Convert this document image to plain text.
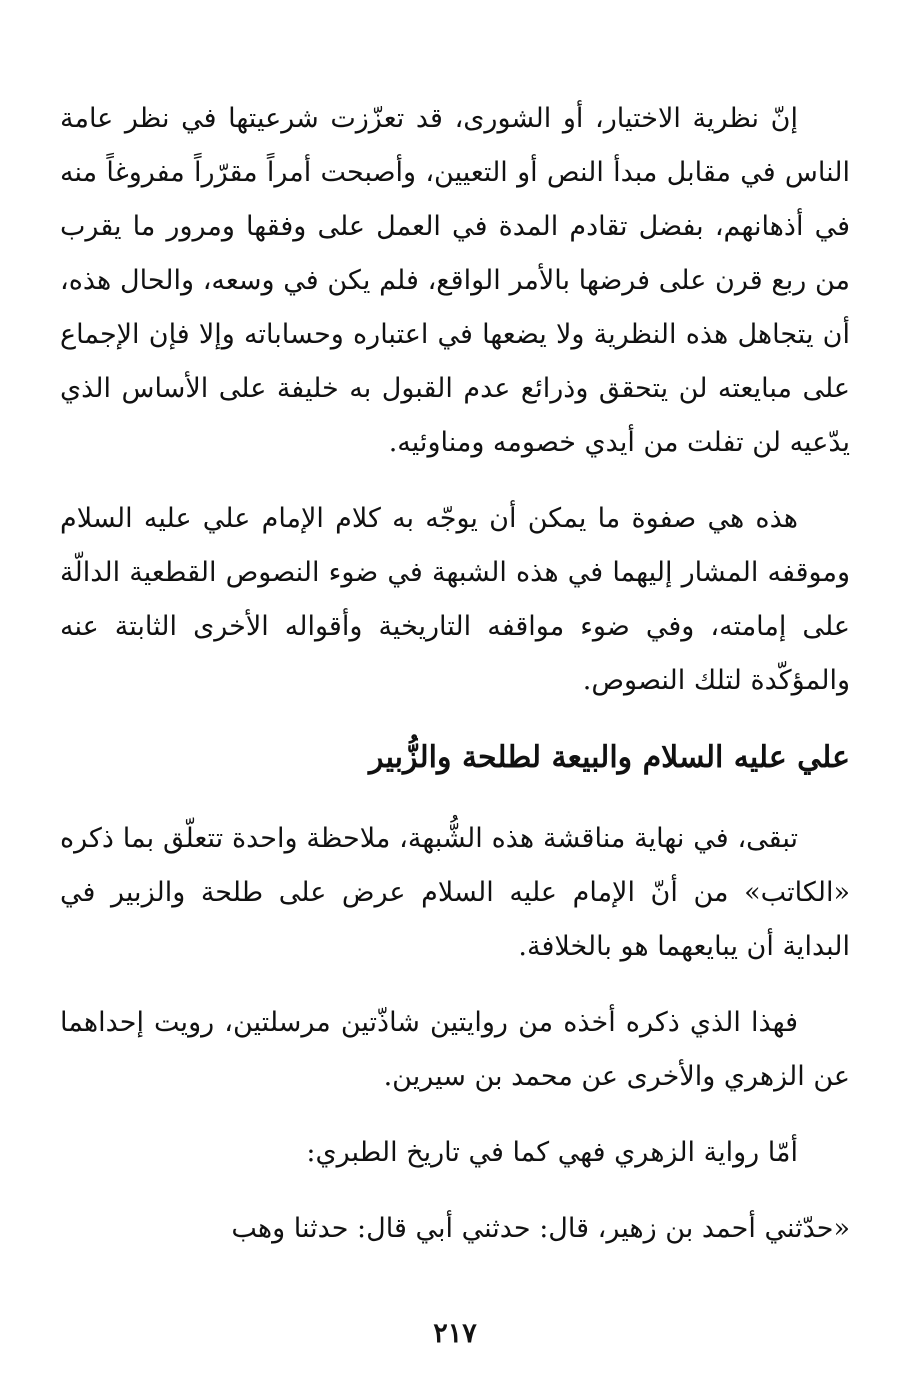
إنّ نظرية الاختيار، أو الشورى، قد تعزّزت شرعيتها في نظر عامة الناس في مقابل مبدأ النص أو التعيين، وأصبحت أمراً مقرّراً مفروغاً منه في أذهانهم، بفضل تقادم المدة في العمل على وفقها ومرور ما يقرب من ربع قرن على فرضها بالأمر الواقع، فلم يكن في وسعه، والحال هذه، أن يتجاهل هذه النظرية ولا يضعها في اعتباره وحساباته وإلا فإن الإجماع على مبايعته لن يتحقق وذرائع عدم القبول به خليفة على الأساس الذي يدّعيه لن تفلت من أيدي خصومه ومناوئيه.

هذه هي صفوة ما يمكن أن يوجّه به كلام الإمام علي عليه السلام وموقفه المشار إليهما في هذه الشبهة في ضوء النصوص القطعية الدالّة على إمامته، وفي ضوء مواقفه التاريخية وأقواله الأخرى الثابتة عنه والمؤكّدة لتلك النصوص.

علي عليه السلام والبيعة لطلحة والزُّبير

تبقى، في نهاية مناقشة هذه الشُّبهة، ملاحظة واحدة تتعلّق بما ذكره «الكاتب» من أنّ الإمام عليه السلام عرض على طلحة والزبير في البداية أن يبايعهما هو بالخلافة.

فهذا الذي ذكره أخذه من روايتين شاذّتين مرسلتين، رويت إحداهما عن الزهري والأخرى عن محمد بن سيرين.

أمّا رواية الزهري فهي كما في تاريخ الطبري:

«حدّثني أحمد بن زهير، قال: حدثني أبي قال: حدثنا وهب

٢١٧
